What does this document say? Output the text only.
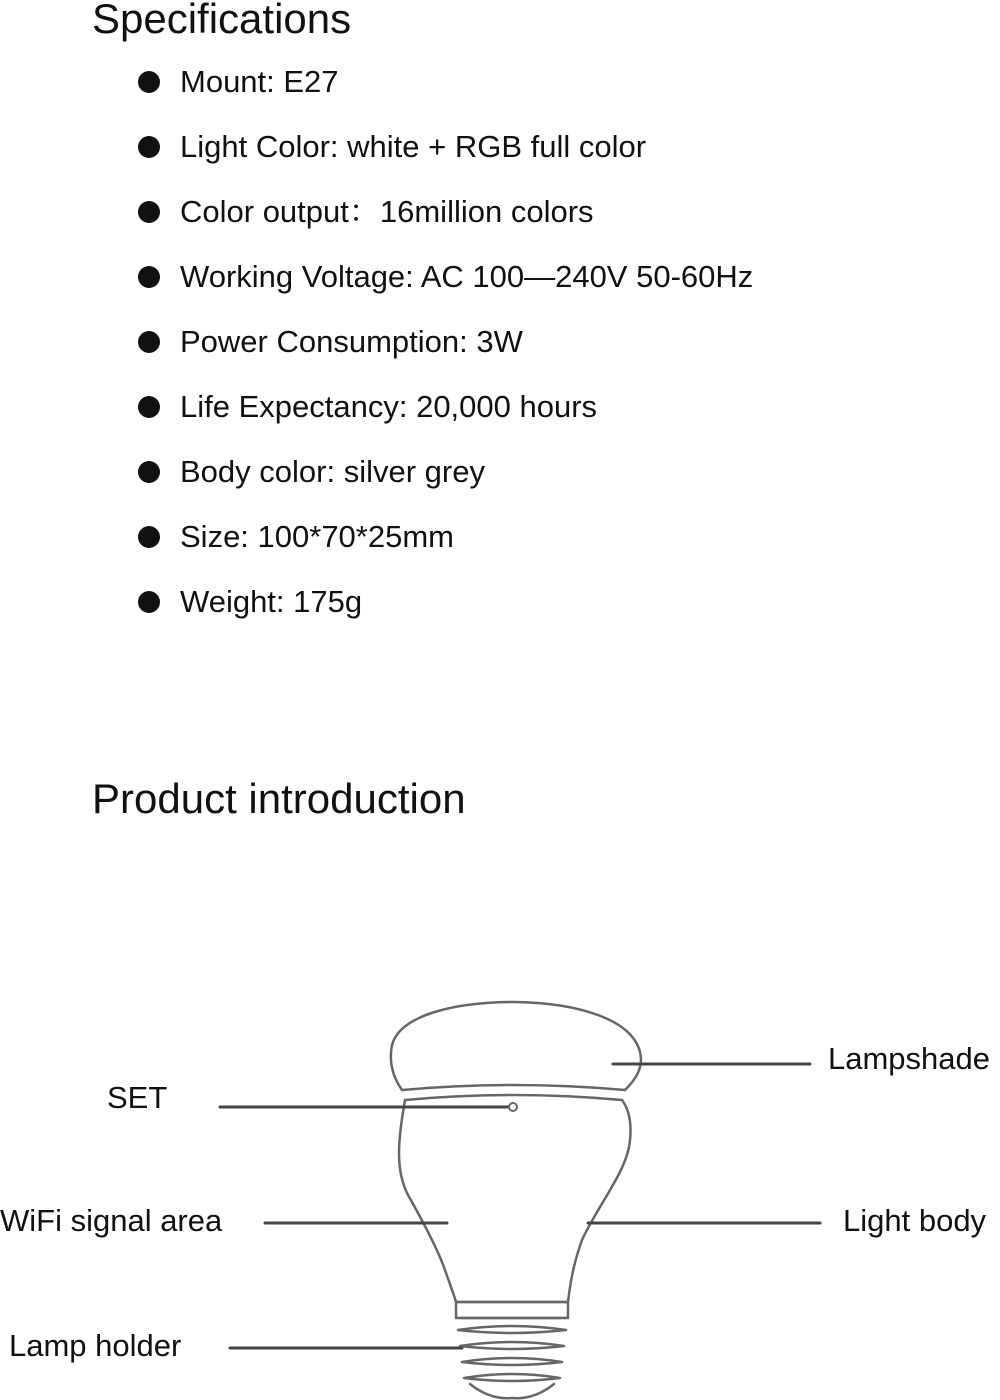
Specifications
Mount: E27
Light Color: white + RGB full color
Color output：16million colors
Working Voltage: AC 100—240V 50-60Hz
Power Consumption: 3W
Life Expectancy: 20,000 hours
Body color: silver grey
Size: 100*70*25mm
Weight: 175g
Product introduction
SET
WiFi signal area
Lamp holder
Lampshade
Light body
